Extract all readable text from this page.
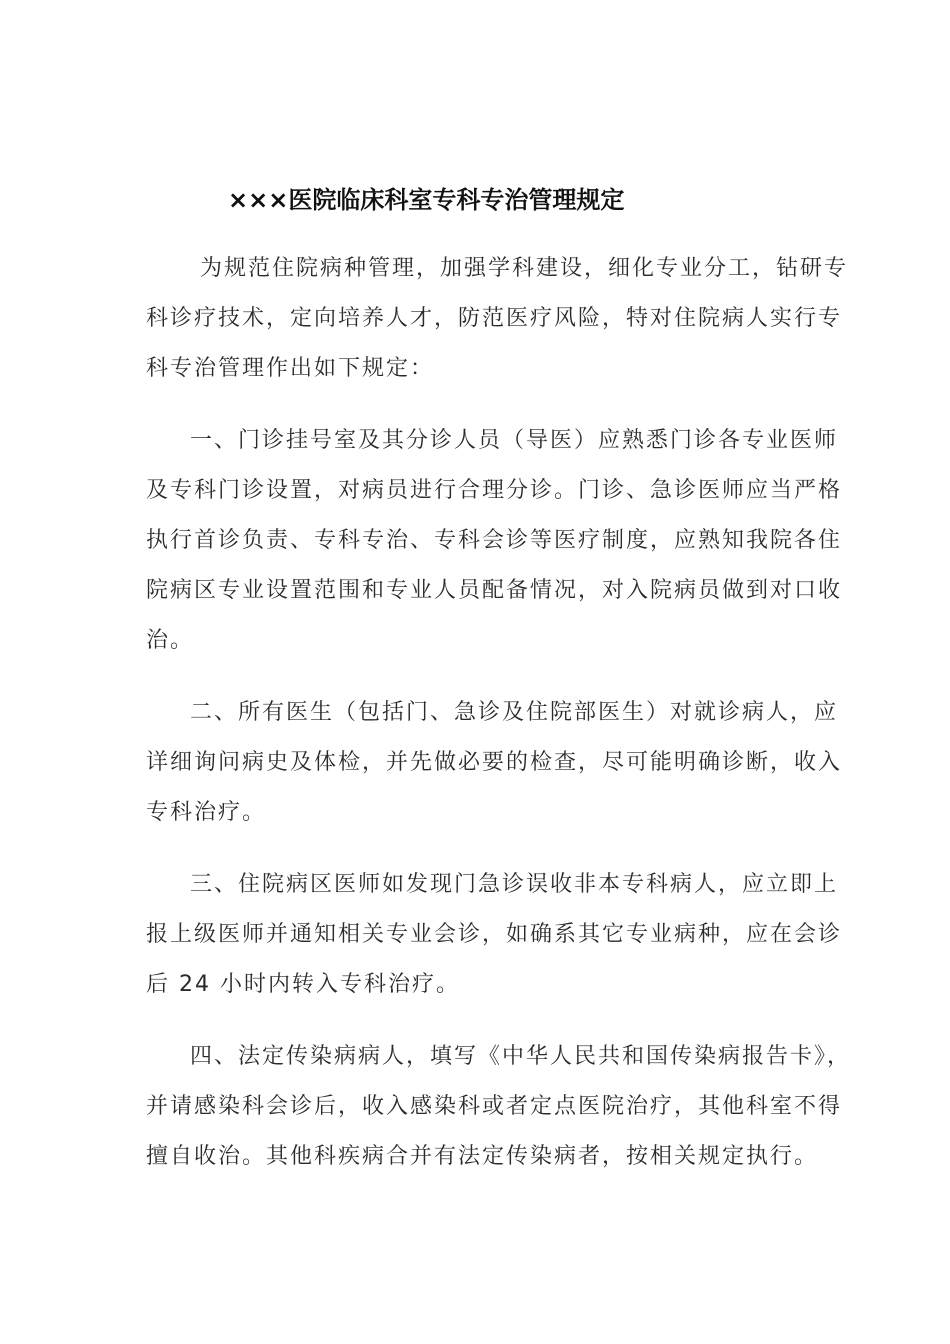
×××医院临床科室专科专治管理规定
为规范住院病种管理，加强学科建设，细化专业分工，钻研专
科诊疗技术，定向培养人才，防范医疗风险，特对住院病人实行专
科专治管理作出如下规定：
一、门诊挂号室及其分诊人员（导医）应熟悉门诊各专业医师
及专科门诊设置，对病员进行合理分诊。门诊、急诊医师应当严格
执行首诊负责、专科专治、专科会诊等医疗制度，应熟知我院各住
院病区专业设置范围和专业人员配备情况，对入院病员做到对口收
治。
二、所有医生（包括门、急诊及住院部医生）对就诊病人，应
详细询问病史及体检，并先做必要的检查，尽可能明确诊断，收入
专科治疗。
三、住院病区医师如发现门急诊误收非本专科病人，应立即上
报上级医师并通知相关专业会诊，如确系其它专业病种，应在会诊
后 24 小时内转入专科治疗。
四、法定传染病病人，填写《中华人民共和国传染病报告卡》，
并请感染科会诊后，收入感染科或者定点医院治疗，其他科室不得
擅自收治。其他科疾病合并有法定传染病者，按相关规定执行。
